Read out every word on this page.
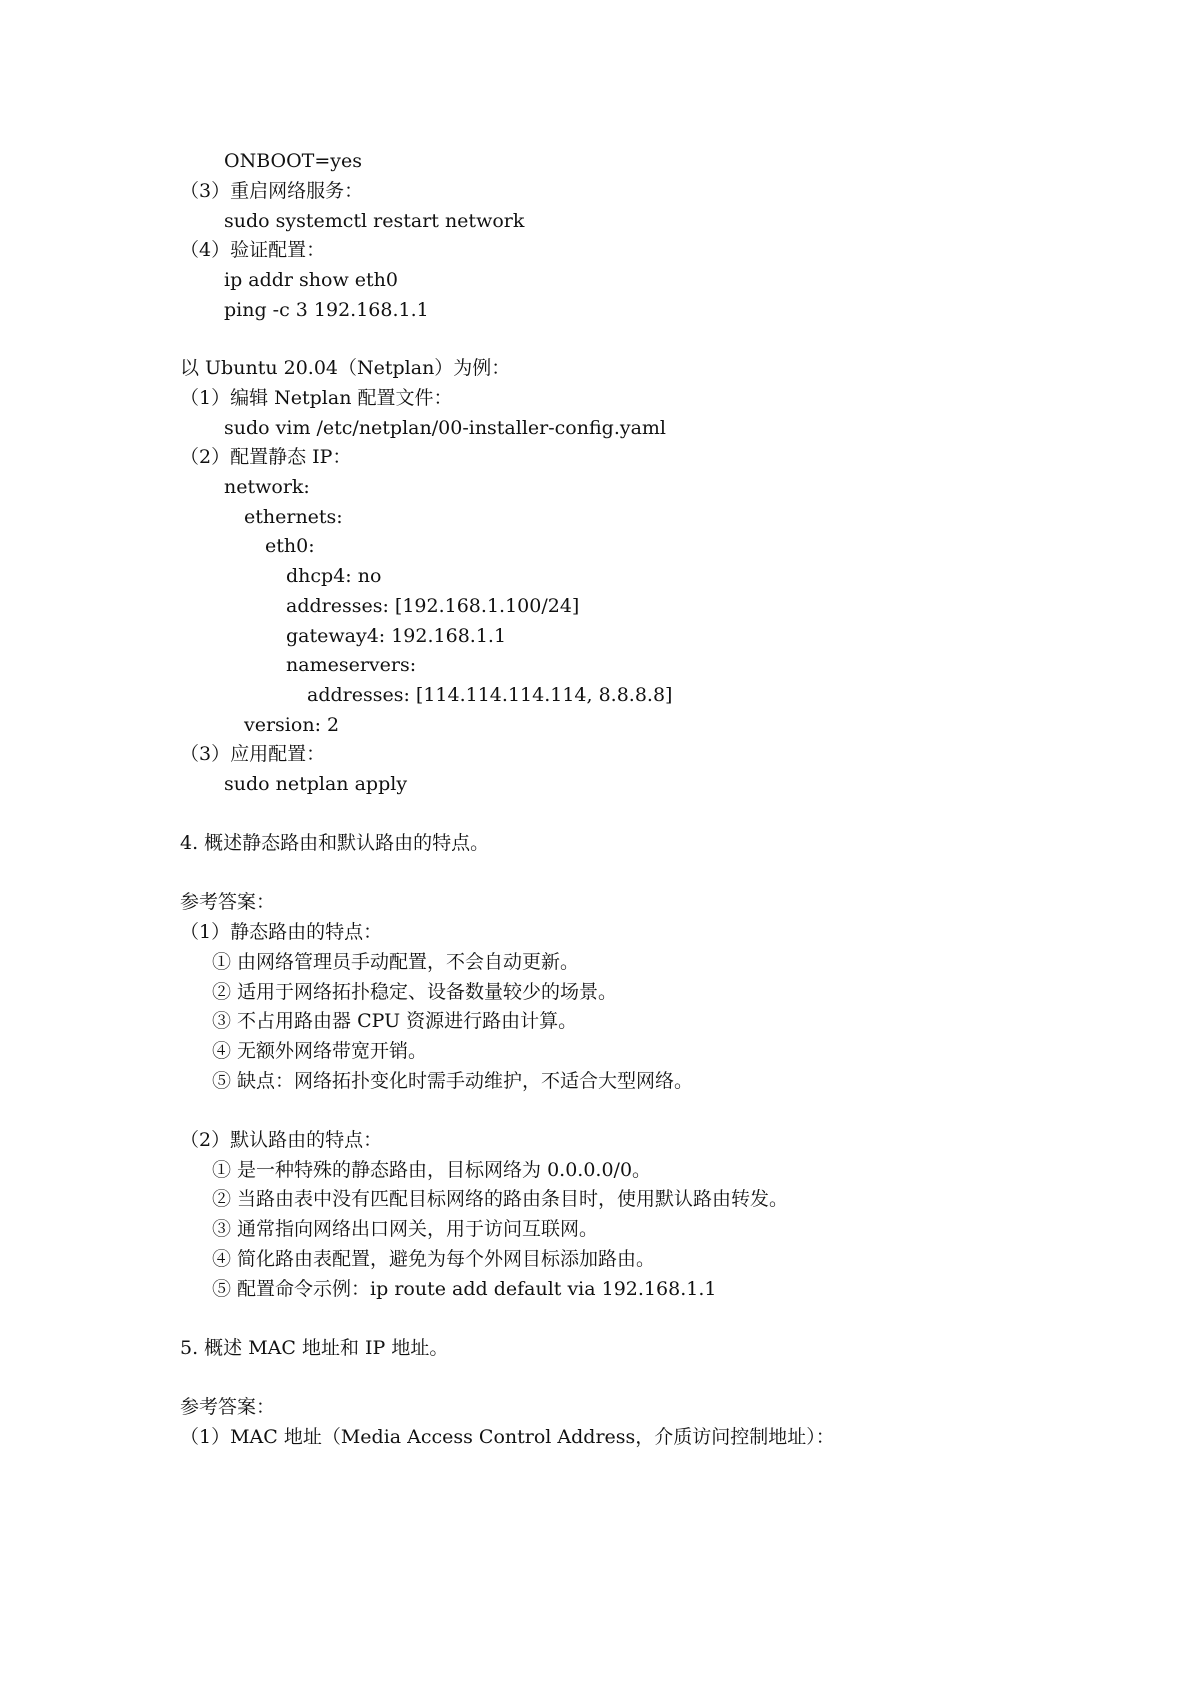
ONBOOT=yes
（3）重启网络服务：
sudo systemctl restart network
（4）验证配置：
ip addr show eth0
ping -c 3 192.168.1.1
以 Ubuntu 20.04（Netplan）为例：
（1）编辑 Netplan 配置文件：
sudo vim /etc/netplan/00-installer-config.yaml
（2）配置静态 IP：
network:
ethernets:
eth0:
dhcp4: no
addresses: [192.168.1.100/24]
gateway4: 192.168.1.1
nameservers:
addresses: [114.114.114.114, 8.8.8.8]
version: 2
（3）应用配置：
sudo netplan apply
4. 概述静态路由和默认路由的特点。
参考答案：
（1）静态路由的特点：
① 由网络管理员手动配置，不会自动更新。
② 适用于网络拓扑稳定、设备数量较少的场景。
③ 不占用路由器 CPU 资源进行路由计算。
④ 无额外网络带宽开销。
⑤ 缺点：网络拓扑变化时需手动维护，不适合大型网络。
（2）默认路由的特点：
① 是一种特殊的静态路由，目标网络为 0.0.0.0/0。
② 当路由表中没有匹配目标网络的路由条目时，使用默认路由转发。
③ 通常指向网络出口网关，用于访问互联网。
④ 简化路由表配置，避免为每个外网目标添加路由。
⑤ 配置命令示例：ip route add default via 192.168.1.1
5. 概述 MAC 地址和 IP 地址。
参考答案：
（1）MAC 地址（Media Access Control Address，介质访问控制地址）：
